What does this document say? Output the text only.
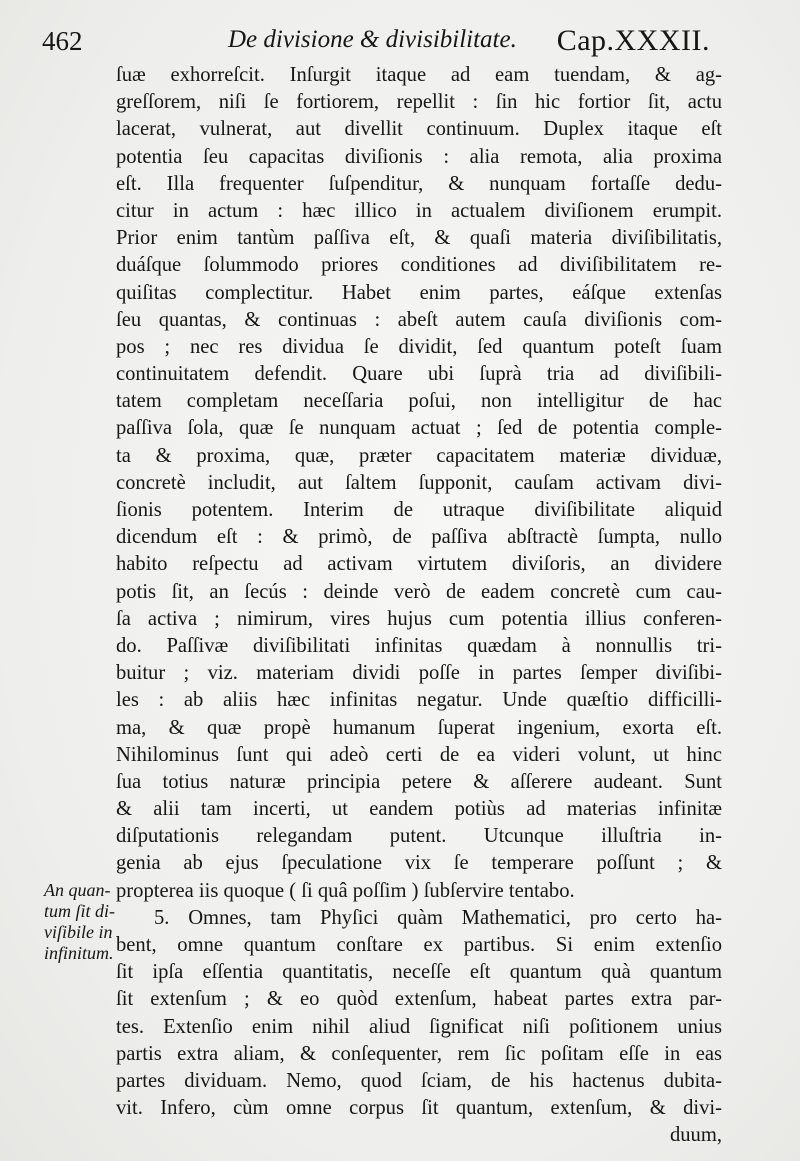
462	De divisione & divisibilitate. Cap.XXXII.
ſuæ exhorreſcit. Inſurgit itaque ad eam tuendam, & ag-
greſſorem, niſi ſe fortiorem, repellit : ſin hic fortior ſit, actu
lacerat, vulnerat, aut divellit continuum. Duplex itaque eſt
potentia ſeu capacitas diviſionis : alia remota, alia proxima
eſt. Illa frequenter ſuſpenditur, & nunquam fortaſſe dedu-
citur in actum : hæc illico in actualem diviſionem erumpit.
Prior enim tantùm paſſiva eſt, & quaſi materia diviſibilitatis,
duáſque ſolummodo priores conditiones ad diviſibilitatem re-
quiſitas complectitur. Habet enim partes, eáſque extenſas
ſeu quantas, & continuas : abeſt autem cauſa diviſionis com-
pos ; nec res dividua ſe dividit, ſed quantum poteſt ſuam
continuitatem defendit. Quare ubi ſuprà tria ad diviſibili-
tatem completam neceſſaria poſui, non intelligitur de hac
paſſiva ſola, quæ ſe nunquam actuat ; ſed de potentia comple-
ta & proxima, quæ, præter capacitatem materiæ dividuæ,
concretè includit, aut ſaltem ſupponit, cauſam activam divi-
ſionis potentem. Interim de utraque diviſibilitate aliquid
dicendum eſt : & primò, de paſſiva abſtractè ſumpta, nullo
habito reſpectu ad activam virtutem diviſoris, an dividere
potis ſit, an ſecús : deinde verò de eadem concretè cum cau-
ſa activa ; nimirum, vires hujus cum potentia illius conferen-
do. Paſſivæ diviſibilitati infinitas quædam à nonnullis tri-
buitur ; viz. materiam dividi poſſe in partes ſemper diviſibi-
les : ab aliis hæc infinitas negatur. Unde quæſtio difficilli-
ma, & quæ propè humanum ſuperat ingenium, exorta eſt.
Nihilominus ſunt qui adeò certi de ea videri volunt, ut hinc
ſua totius naturæ principia petere & aſſerere audeant. Sunt
& alii tam incerti, ut eandem potiùs ad materias infinitæ
diſputationis relegandam putent. Utcunque illuſtria in-
genia ab ejus ſpeculatione vix ſe temperare poſſunt ; &
propterea iis quoque ( ſi quâ poſſim ) ſubſervire tentabo.
5. Omnes, tam Phyſici quàm Mathematici, pro certo ha-
bent, omne quantum conſtare ex partibus. Si enim extenſio
ſit ipſa eſſentia quantitatis, neceſſe eſt quantum quà quantum
ſit extenſum ; & eo quòd extenſum, habeat partes extra par-
tes. Extenſio enim nihil aliud ſignificat niſi poſitionem unius
partis extra aliam, & conſequenter, rem ſic poſitam eſſe in eas
partes dividuam. Nemo, quod ſciam, de his hactenus dubita-
vit. Infero, cùm omne corpus ſit quantum, extenſum, & divi-
duum,
An quan-
tum ſit di-
viſibile in
infinitum.
